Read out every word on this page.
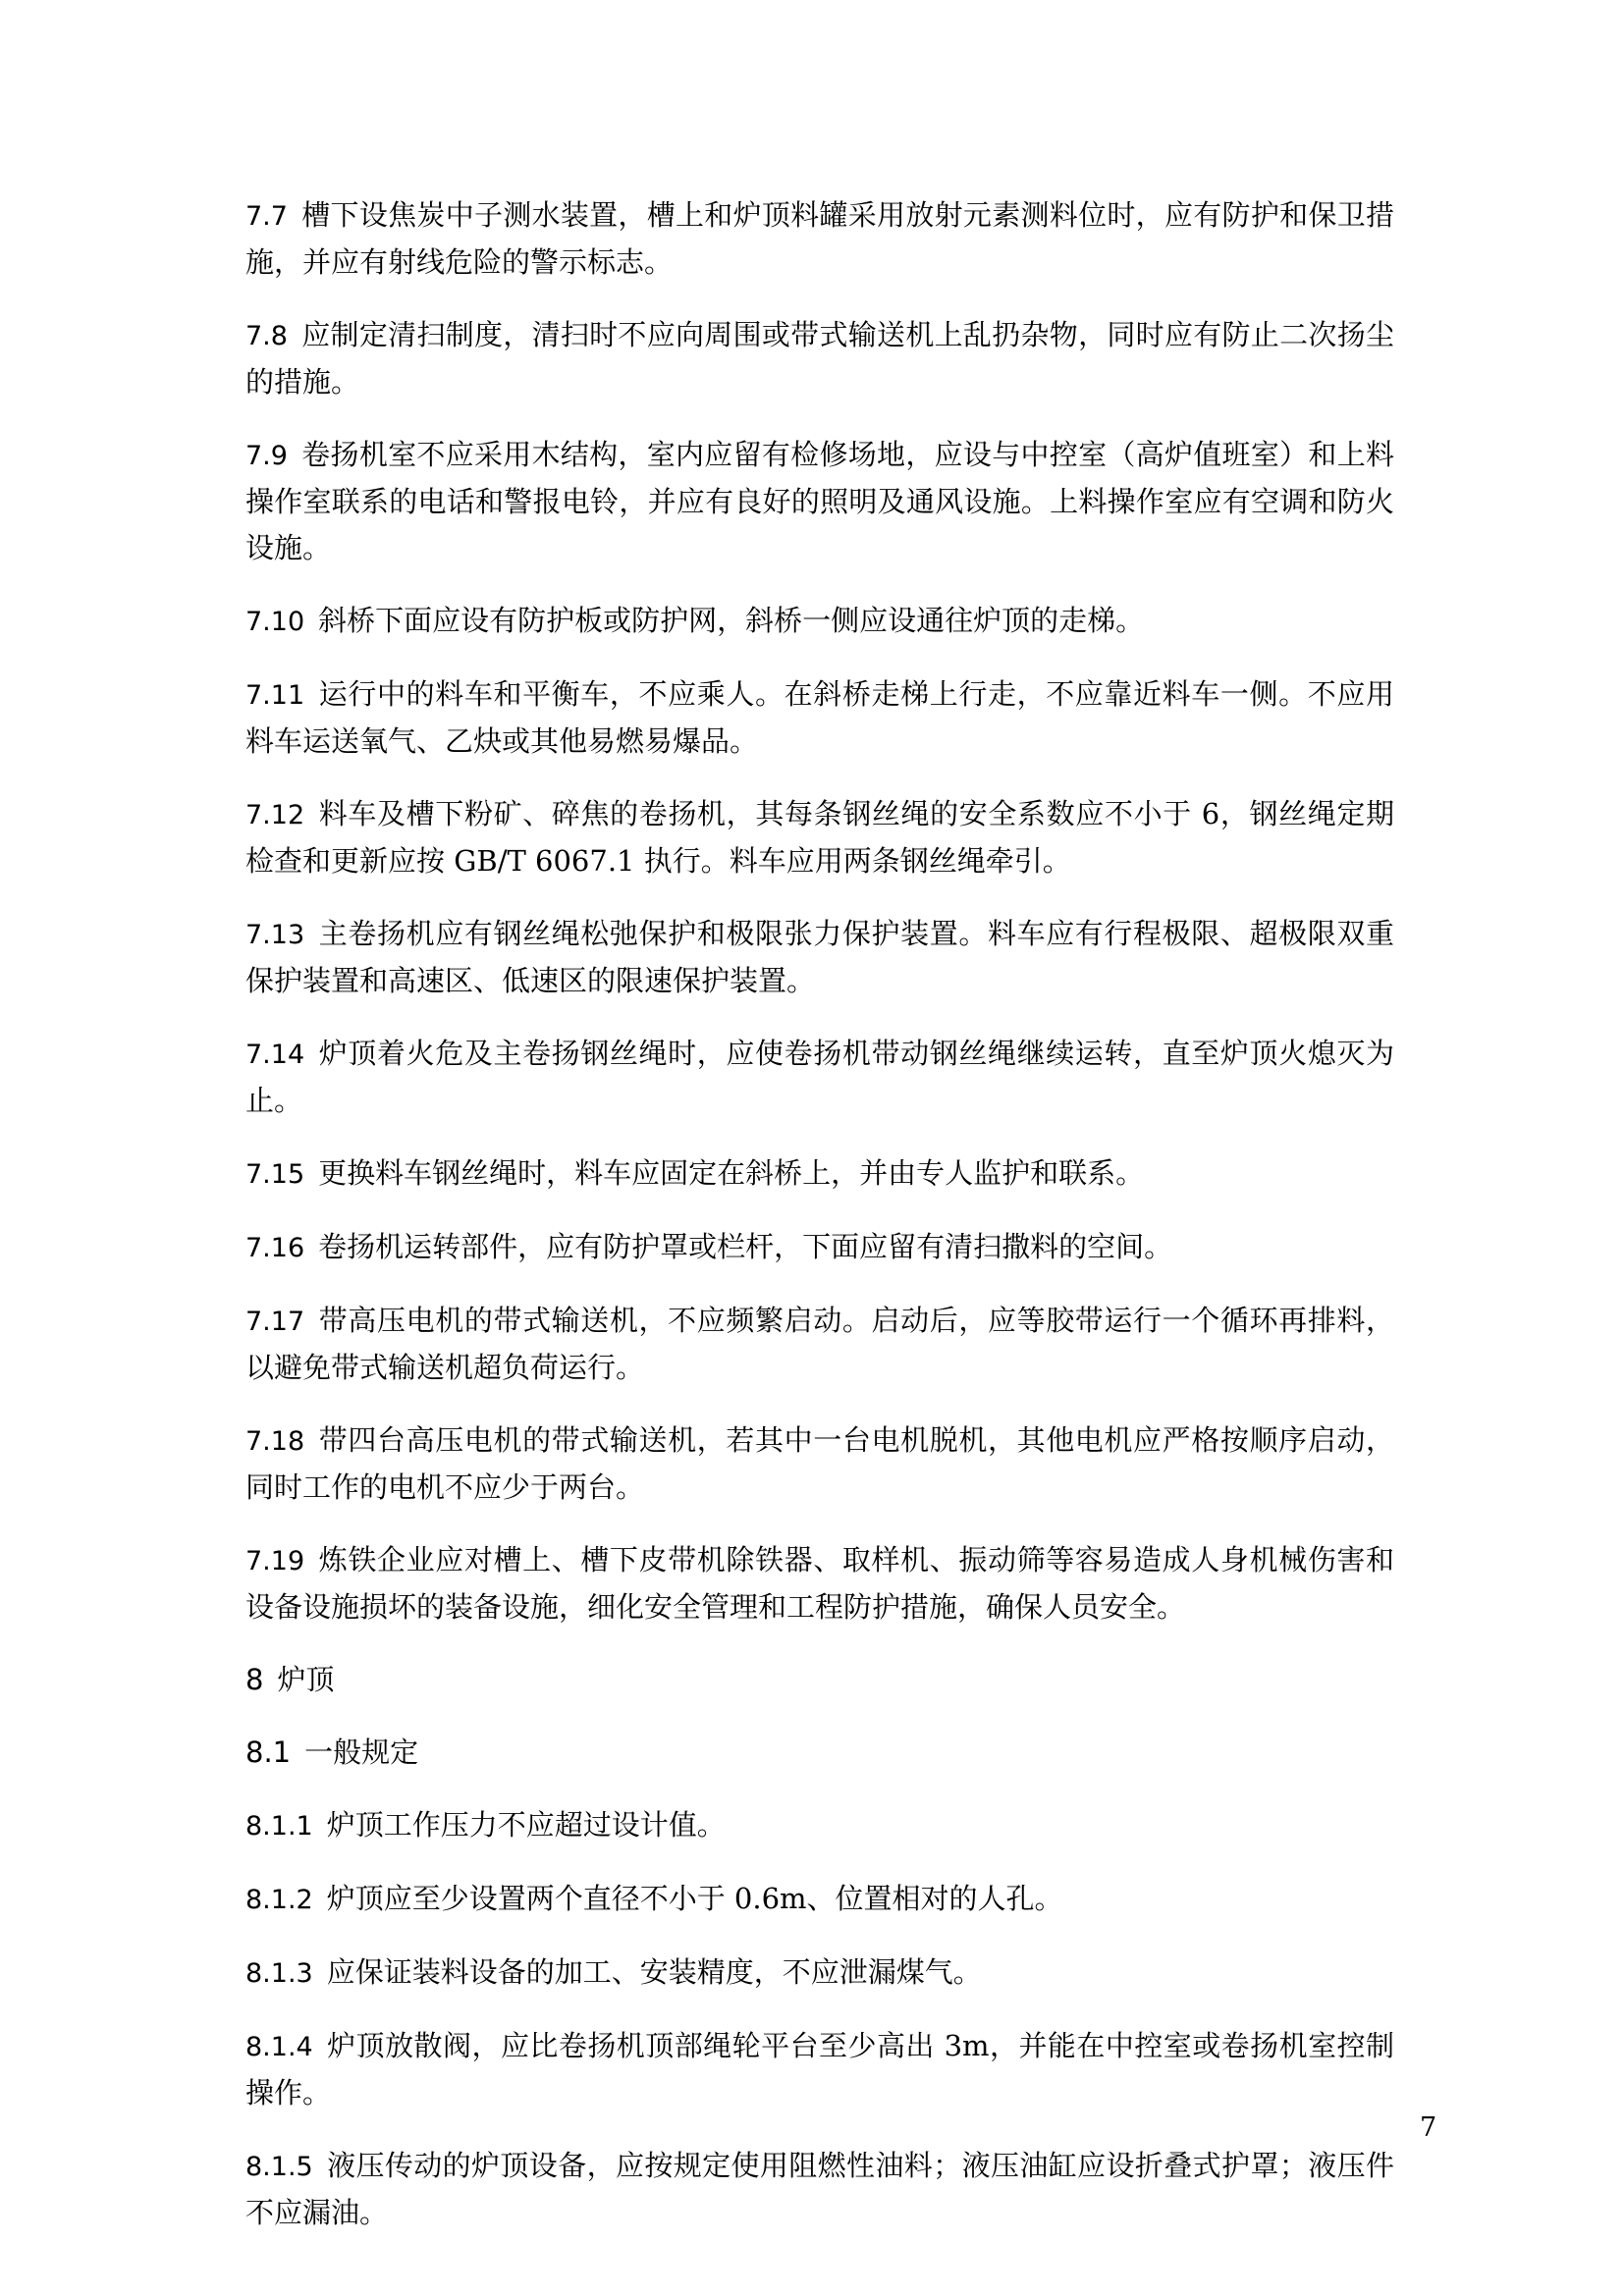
7.7 槽下设焦炭中子测水装置，槽上和炉顶料罐采用放射元素测料位时，应有防护和保卫措施，并应有射线危险的警示标志。
7.8 应制定清扫制度，清扫时不应向周围或带式输送机上乱扔杂物，同时应有防止二次扬尘的措施。
7.9 卷扬机室不应采用木结构，室内应留有检修场地，应设与中控室（高炉值班室）和上料操作室联系的电话和警报电铃，并应有良好的照明及通风设施。上料操作室应有空调和防火设施。
7.10 斜桥下面应设有防护板或防护网，斜桥一侧应设通往炉顶的走梯。
7.11 运行中的料车和平衡车，不应乘人。在斜桥走梯上行走，不应靠近料车一侧。不应用料车运送氧气、乙炔或其他易燃易爆品。
7.12 料车及槽下粉矿、碎焦的卷扬机，其每条钢丝绳的安全系数应不小于 6，钢丝绳定期检查和更新应按 GB/T 6067.1 执行。料车应用两条钢丝绳牵引。
7.13 主卷扬机应有钢丝绳松弛保护和极限张力保护装置。料车应有行程极限、超极限双重保护装置和高速区、低速区的限速保护装置。
7.14 炉顶着火危及主卷扬钢丝绳时，应使卷扬机带动钢丝绳继续运转，直至炉顶火熄灭为止。
7.15 更换料车钢丝绳时，料车应固定在斜桥上，并由专人监护和联系。
7.16 卷扬机运转部件，应有防护罩或栏杆，下面应留有清扫撒料的空间。
7.17 带高压电机的带式输送机，不应频繁启动。启动后，应等胶带运行一个循环再排料，以避免带式输送机超负荷运行。
7.18 带四台高压电机的带式输送机，若其中一台电机脱机，其他电机应严格按顺序启动，同时工作的电机不应少于两台。
7.19 炼铁企业应对槽上、槽下皮带机除铁器、取样机、振动筛等容易造成人身机械伤害和设备设施损坏的装备设施，细化安全管理和工程防护措施，确保人员安全。
8 炉顶
8.1 一般规定
8.1.1 炉顶工作压力不应超过设计值。
8.1.2 炉顶应至少设置两个直径不小于 0.6m、位置相对的人孔。
8.1.3 应保证装料设备的加工、安装精度，不应泄漏煤气。
8.1.4 炉顶放散阀，应比卷扬机顶部绳轮平台至少高出 3m，并能在中控室或卷扬机室控制操作。
8.1.5 液压传动的炉顶设备，应按规定使用阻燃性油料；液压油缸应设折叠式护罩；液压件不应漏油。
7
